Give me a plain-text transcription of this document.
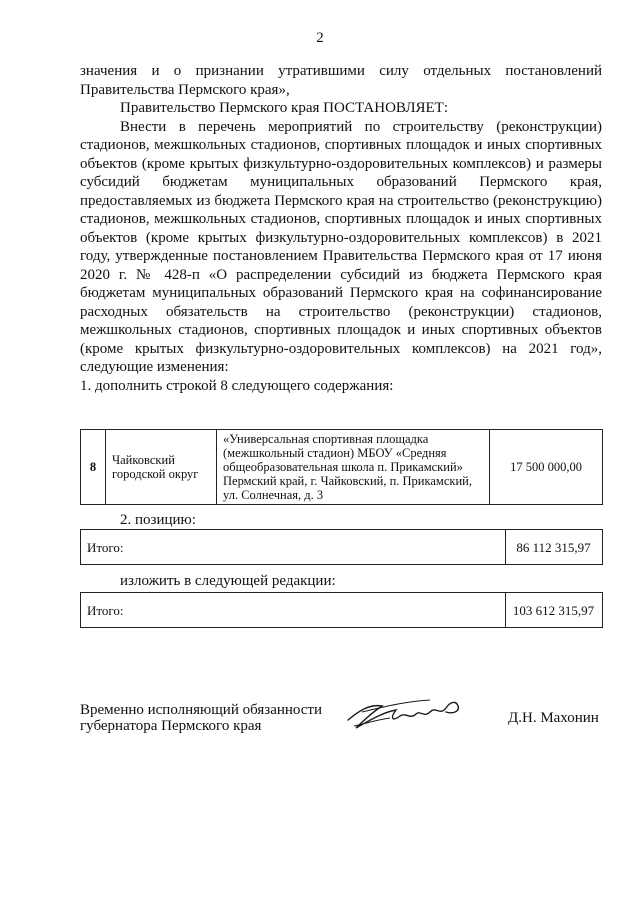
2

значения и о признании утратившими силу отдельных постановлений Правительства Пермского края»,

Правительство Пермского края ПОСТАНОВЛЯЕТ:

Внести в перечень мероприятий по строительству (реконструкции) стадионов, межшкольных стадионов, спортивных площадок и иных спортивных объектов (кроме крытых физкультурно-оздоровительных комплексов) и размеры субсидий бюджетам муниципальных образований Пермского края, предоставляемых из бюджета Пермского края на строительство (реконструкцию) стадионов, межшкольных стадионов, спортивных площадок и иных спортивных объектов (кроме крытых физкультурно-оздоровительных комплексов) в 2021 году, утвержденные постановлением Правительства Пермского края от 17 июня 2020 г. № 428-п «О распределении субсидий из бюджета Пермского края бюджетам муниципальных образований Пермского края на софинансирование расходных обязательств на строительство (реконструкции) стадионов, межшкольных стадионов, спортивных площадок и иных спортивных объектов (кроме крытых физкультурно-оздоровительных комплексов) на 2021 год», следующие изменения:

1. дополнить строкой 8 следующего содержания:

8	Чайковский городской округ	«Универсальная спортивная площадка (межшкольный стадион) МБОУ «Средняя общеобразовательная школа п. Прикамский» Пермский край, г. Чайковский, п. Прикамский, ул. Солнечная, д. 3	17 500 000,00
2. позицию:
Итого:	86 112 315,97
изложить в следующей редакции:
Итого:	103 612 315,97
Временно исполняющий обязанности
губернатора Пермского края	Д.Н. Махонин
